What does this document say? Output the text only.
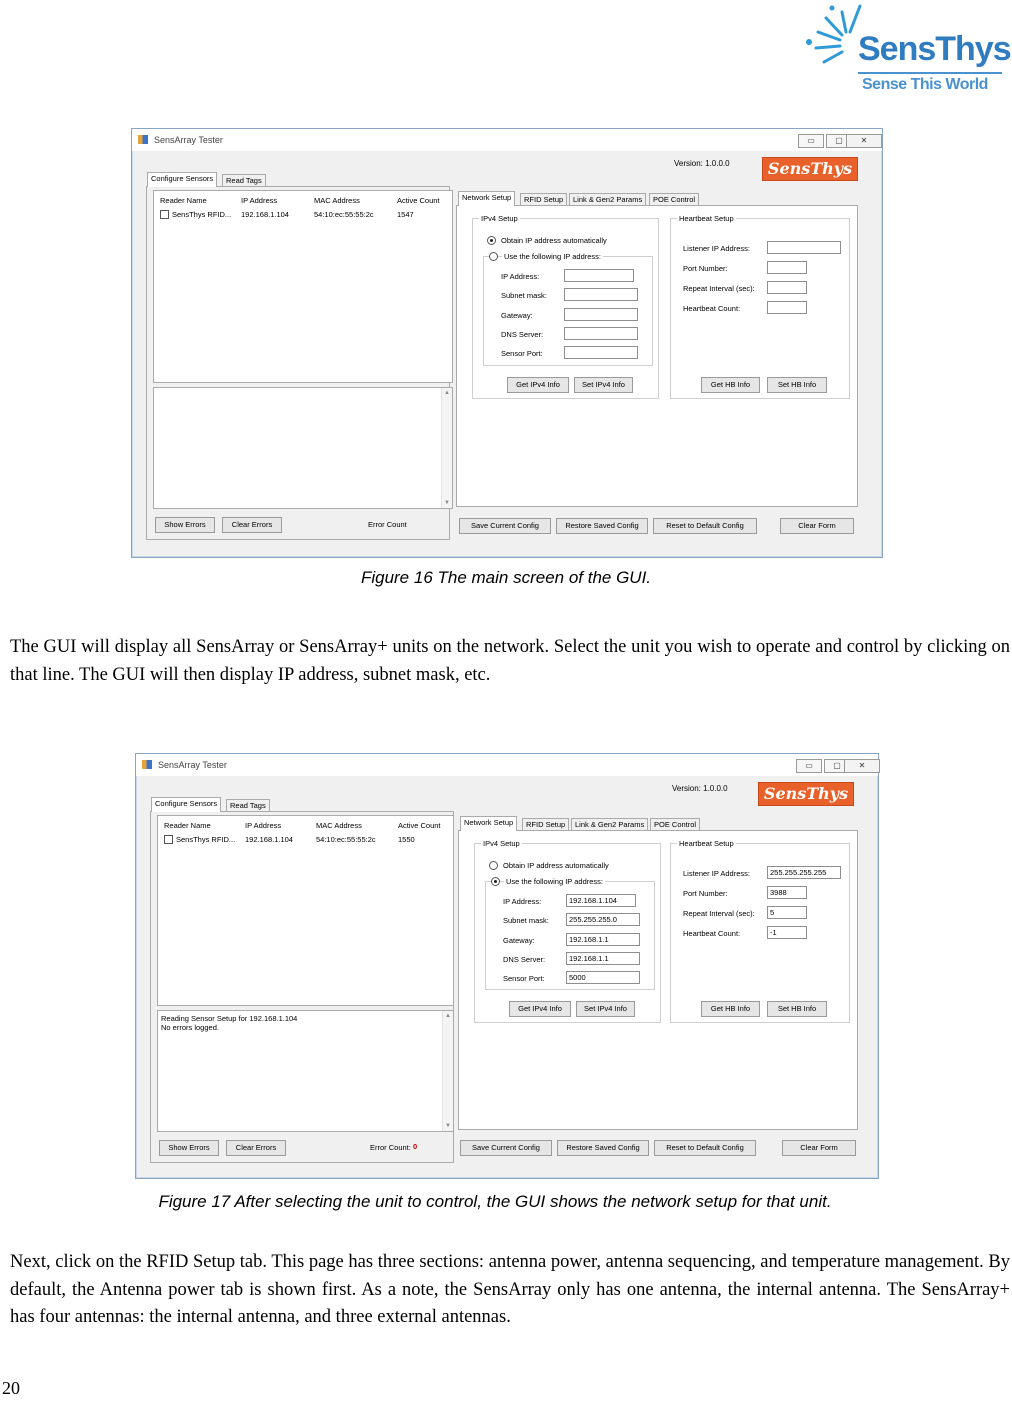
SensThys
Sense This World
SensArray Tester	▭	▢	✕
Version: 1.0.0.0	SensThys
Configure Sensors	Read Tags
Reader Name	IP Address	MAC Address	Active Count
SensThys RFID... 192.168.1.104	54:10:ec:55:55:2c	1547
▲
▼
Show Errors	Clear Errors	Error Count
Network Setup	RFID Setup	Link & Gen2 Params	POE Control
IPv4 Setup
Obtain IP address automatically
Use the following IP address:
IP Address:
Subnet mask:
Gateway:
DNS Server:
Sensor Port:
Get IPv4 Info	Set IPv4 Info
Heartbeat Setup
Listener IP Address:
Port Number:
Repeat Interval (sec):
Heartbeat Count:
Get HB Info	Set HB Info
Save Current Config	Restore Saved Config	Reset to Default Config	Clear Form
Figure 16 The main screen of the GUI.
The GUI will display all SensArray or SensArray+ units on the network. Select the unit you wish to operate and control by clicking on that line. The GUI will then display IP address, subnet mask, etc.
SensArray Tester	▭	▢	✕
Version: 1.0.0.0	SensThys
Configure Sensors	Read Tags
Reader Name	IP Address	MAC Address	Active Count
SensThys RFID... 192.168.1.104	54:10:ec:55:55:2c	1550
Reading Sensor Setup for 192.168.1.104
No errors logged.
▲
▼
Show Errors	Clear Errors	Error Count: 0
Network Setup	RFID Setup	Link & Gen2 Params	POE Control
IPv4 Setup
Obtain IP address automatically
Use the following IP address:
IP Address:	192.168.1.104
Subnet mask:	255.255.255.0
Gateway:	192.168.1.1
DNS Server:	192.168.1.1
Sensor Port:	5000
Get IPv4 Info	Set IPv4 Info
Heartbeat Setup
Listener IP Address:	255.255.255.255
Port Number:	3988
Repeat Interval (sec):	5
Heartbeat Count:	-1
Get HB Info	Set HB Info
Save Current Config	Restore Saved Config	Reset to Default Config	Clear Form
Figure 17 After selecting the unit to control, the GUI shows the network setup for that unit.
Next, click on the RFID Setup tab. This page has three sections: antenna power, antenna sequencing, and temperature management. By default, the Antenna power tab is shown first. As a note, the SensArray only has one antenna, the internal antenna. The SensArray+ has four antennas: the internal antenna, and three external antennas.
20
